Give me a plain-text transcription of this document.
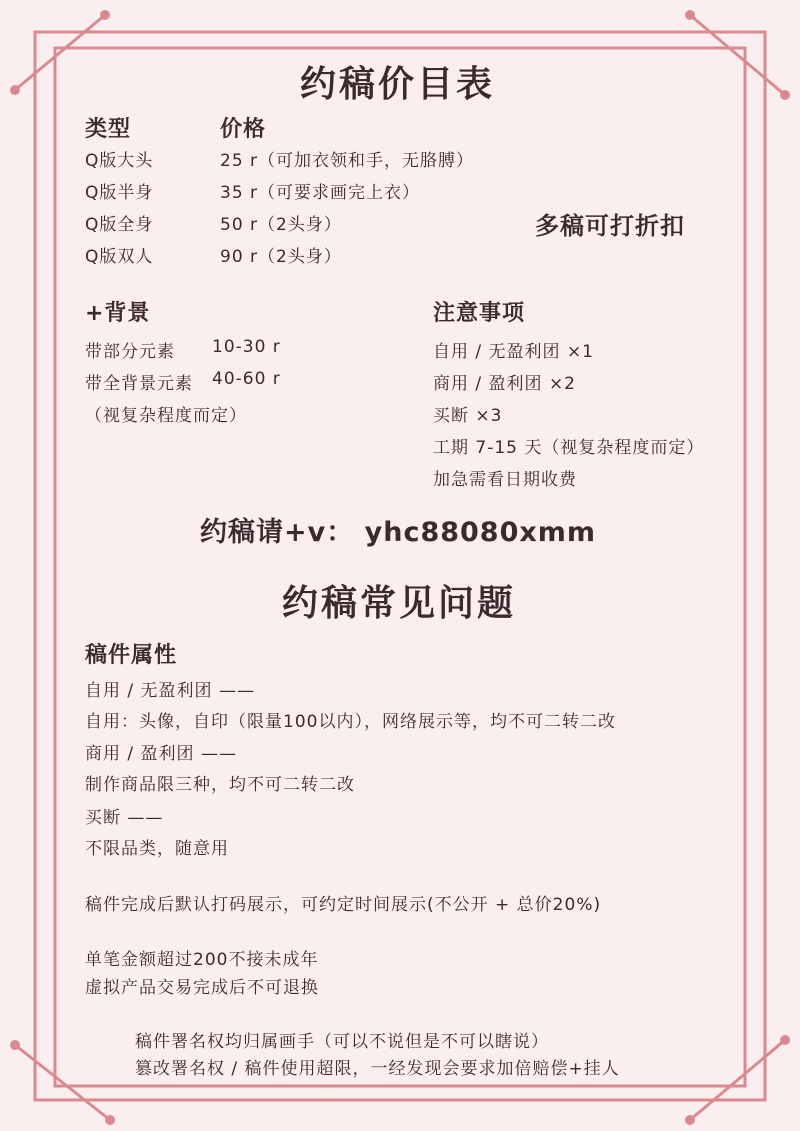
约稿价目表
类型	价格
Q版大头	25 r（可加衣领和手，无胳膊）
Q版半身	35 r（可要求画完上衣）
Q版全身	50 r（2头身）
Q版双人	90 r（2头身）
多稿可打折扣
+背景
带部分元素 10-30 r
带全背景元素 40-60 r
（视复杂程度而定）
注意事项
自用 / 无盈利团 ×1
商用 / 盈利团 ×2
买断 ×3
工期 7-15 天（视复杂程度而定）
加急需看日期收费
约稿请+v： yhc88080xmm
约稿常见问题
稿件属性
自用 / 无盈利团 ——
自用：头像，自印（限量100以内），网络展示等，均不可二转二改
商用 / 盈利团 ——
制作商品限三种，均不可二转二改
买断 ——
不限品类，随意用
稿件完成后默认打码展示，可约定时间展示(不公开 + 总价20%)
单笔金额超过200不接未成年
虚拟产品交易完成后不可退换
稿件署名权均归属画手（可以不说但是不可以瞎说）
篡改署名权 / 稿件使用超限，一经发现会要求加倍赔偿+挂人
